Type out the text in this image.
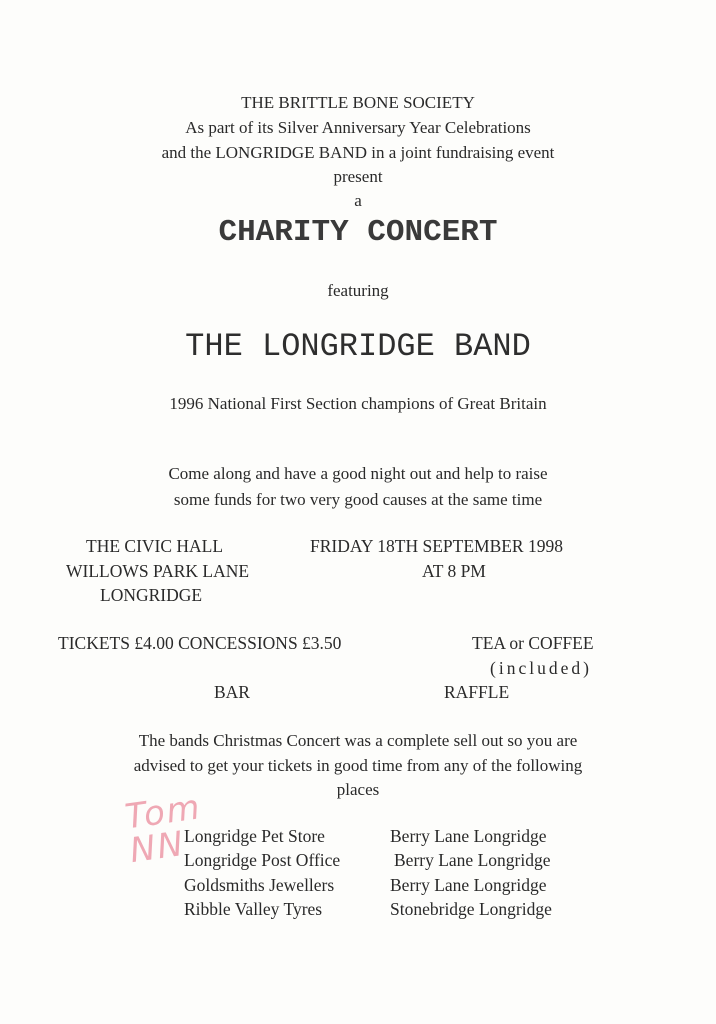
THE BRITTLE BONE SOCIETY
As part of its Silver Anniversary Year Celebrations
and the LONGRIDGE BAND in a joint fundraising event
present
a
CHARITY CONCERT
featuring
THE LONGRIDGE BAND
1996 National First Section champions of Great Britain
Come along and have a good night out and help to raise
some funds for two very good causes at the same time
THE CIVIC HALL
WILLOWS PARK LANE
LONGRIDGE
FRIDAY 18TH SEPTEMBER 1998
AT 8 PM
TICKETS £4.00 CONCESSIONS £3.50	TEA or COFFEE
(included)
BAR	RAFFLE
The bands Christmas Concert was a complete sell out so you are
advised to get your tickets in good time from any of the following
places
Longridge Pet Store	Berry Lane Longridge
Longridge Post Office	Berry Lane Longridge
Goldsmiths Jewellers	Berry Lane Longridge
Ribble Valley Tyres	Stonebridge Longridge
Tom
NN
